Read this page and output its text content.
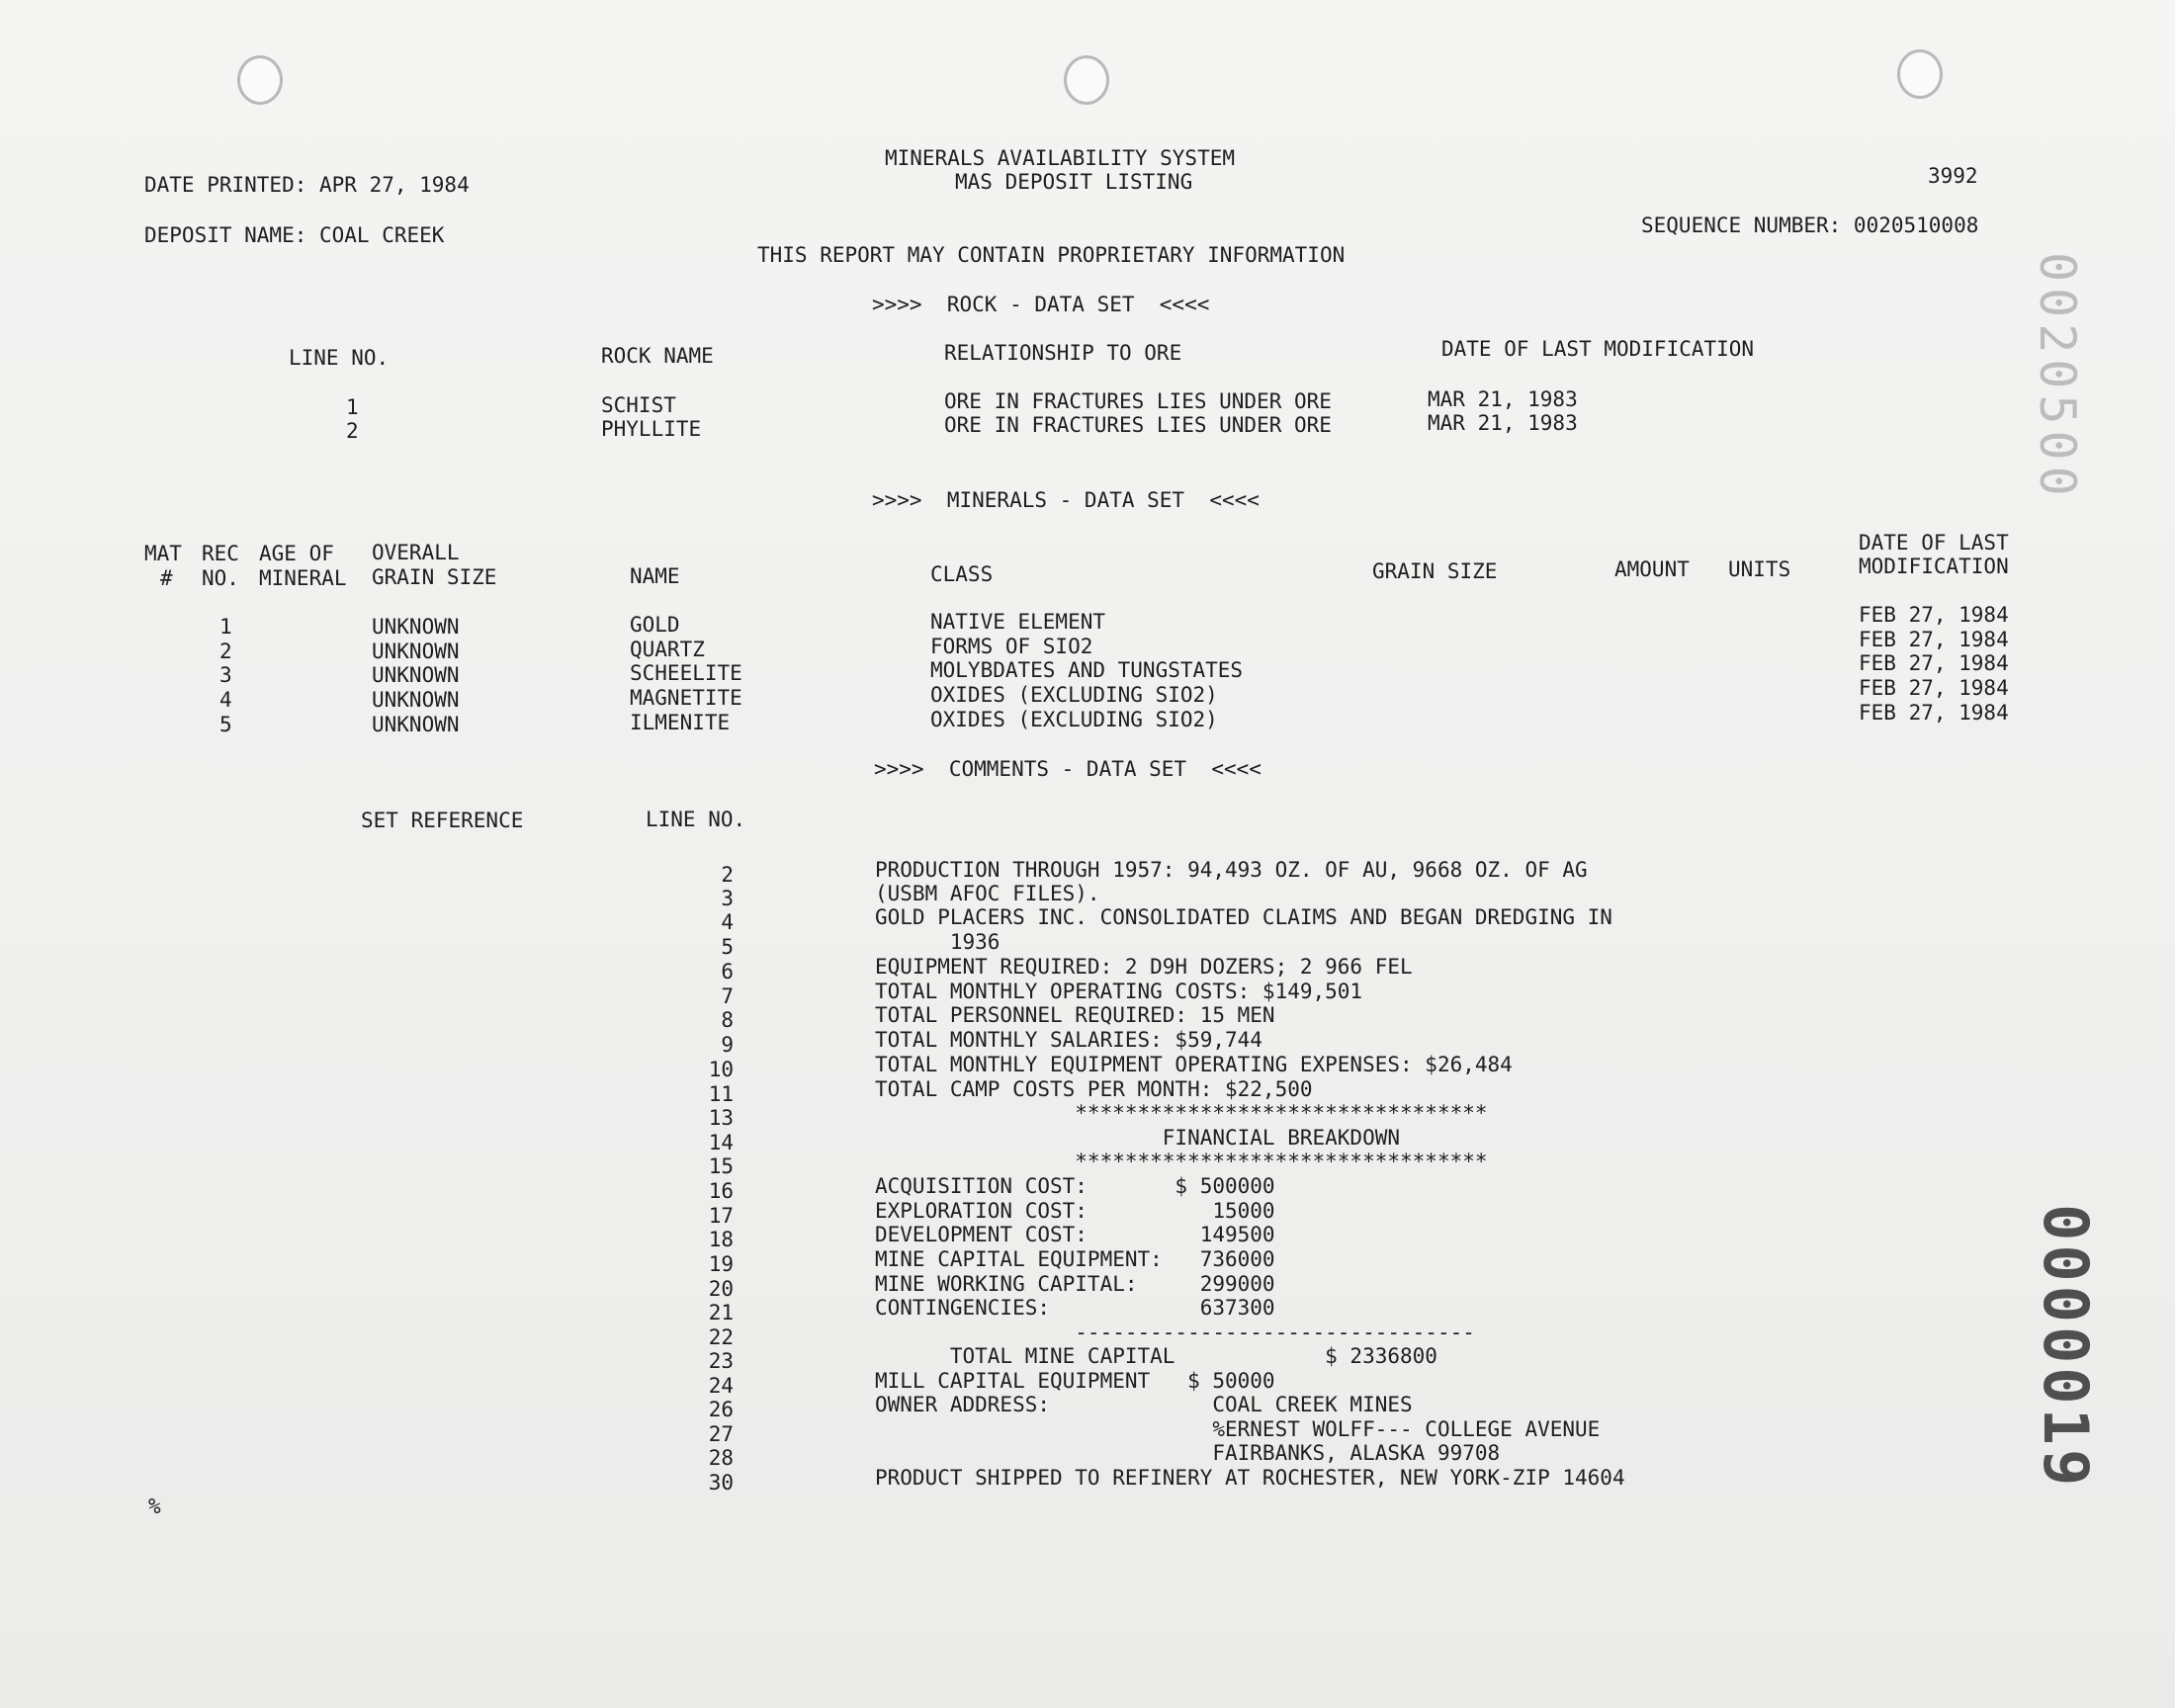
MINERALS AVAILABILITY SYSTEM
MAS DEPOSIT LISTING	3992
DATE PRINTED: APR 27, 1984
DEPOSIT NAME: COAL CREEK	SEQUENCE NUMBER: 0020510008
THIS REPORT MAY CONTAIN PROPRIETARY INFORMATION
>>>>  ROCK - DATA SET  <<<<
LINE NO.	ROCK NAME	RELATIONSHIP TO ORE	DATE OF LAST MODIFICATION
1	SCHIST	ORE IN FRACTURES LIES UNDER ORE	MAR 21, 1983
2	PHYLLITE	ORE IN FRACTURES LIES UNDER ORE	MAR 21, 1983
>>>>  MINERALS - DATA SET  <<<<
MAT REC AGE OF OVERALL
# NO. MINERAL GRAIN SIZE	NAME	CLASS	GRAIN SIZE	AMOUNT UNITS
DATE OF LAST
MODIFICATION
1	UNKNOWN	GOLD	NATIVE ELEMENT	FEB 27, 1984
2	UNKNOWN	QUARTZ	FORMS OF SIO2	FEB 27, 1984
3	UNKNOWN	SCHEELITE	MOLYBDATES AND TUNGSTATES	FEB 27, 1984
4	UNKNOWN	MAGNETITE	OXIDES (EXCLUDING SIO2)	FEB 27, 1984
5	UNKNOWN	ILMENITE	OXIDES (EXCLUDING SIO2)	FEB 27, 1984
>>>>  COMMENTS - DATA SET  <<<<
SET REFERENCE	LINE NO.
2	PRODUCTION THROUGH 1957: 94,493 OZ. OF AU, 9668 OZ. OF AG
3	(USBM AFOC FILES).
4	GOLD PLACERS INC. CONSOLIDATED CLAIMS AND BEGAN DREDGING IN
5	1936
6	EQUIPMENT REQUIRED: 2 D9H DOZERS; 2 966 FEL
7	TOTAL MONTHLY OPERATING COSTS: $149,501
8	TOTAL PERSONNEL REQUIRED: 15 MEN
9	TOTAL MONTHLY SALARIES: $59,744
10	TOTAL MONTHLY EQUIPMENT OPERATING EXPENSES: $26,484
11	TOTAL CAMP COSTS PER MONTH: $22,500
13	*********************************
14	FINANCIAL BREAKDOWN
15	*********************************
16	ACQUISITION COST:       $ 500000
17	EXPLORATION COST:          15000
18	DEVELOPMENT COST:         149500
19	MINE CAPITAL EQUIPMENT:   736000
20	MINE WORKING CAPITAL:     299000
21	CONTINGENCIES:            637300
22	--------------------------------
23	TOTAL MINE CAPITAL            $ 2336800
24	MILL CAPITAL EQUIPMENT   $ 50000
26	OWNER ADDRESS:             COAL CREEK MINES
27	%ERNEST WOLFF--- COLLEGE AVENUE
28	FAIRBANKS, ALASKA 99708
30	PRODUCT SHIPPED TO REFINERY AT ROCHESTER, NEW YORK-ZIP 14604
%
0020500
0000019
